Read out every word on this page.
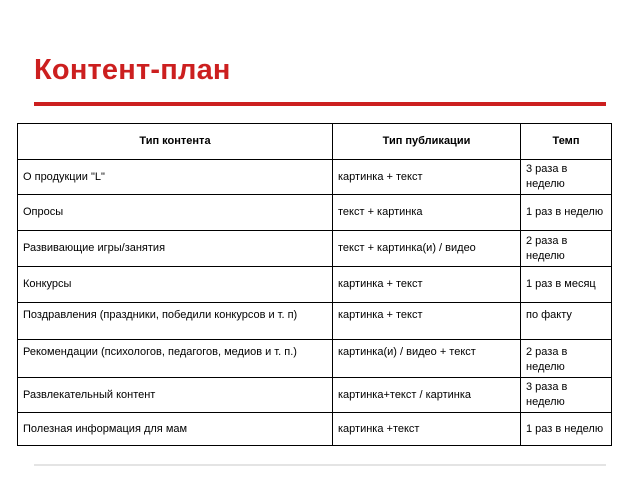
Контент-план
Тип контента	Тип публикации	Темп
О продукции "L"	картинка + текст	3 раза в неделю
Опросы	текст + картинка	1 раз в неделю
Развивающие игры/занятия	текст + картинка(и) / видео	2 раза в неделю
Конкурсы	картинка + текст	1 раз в месяц
Поздравления (праздники, победили конкурсов и т. п)	картинка + текст	по факту
Рекомендации (психологов, педагогов, медиов и т. п.)	картинка(и) / видео + текст	2 раза в неделю
Развлекательный контент	картинка+текст / картинка	3 раза в неделю
Полезная информация для мам	картинка +текст	1 раз в неделю
